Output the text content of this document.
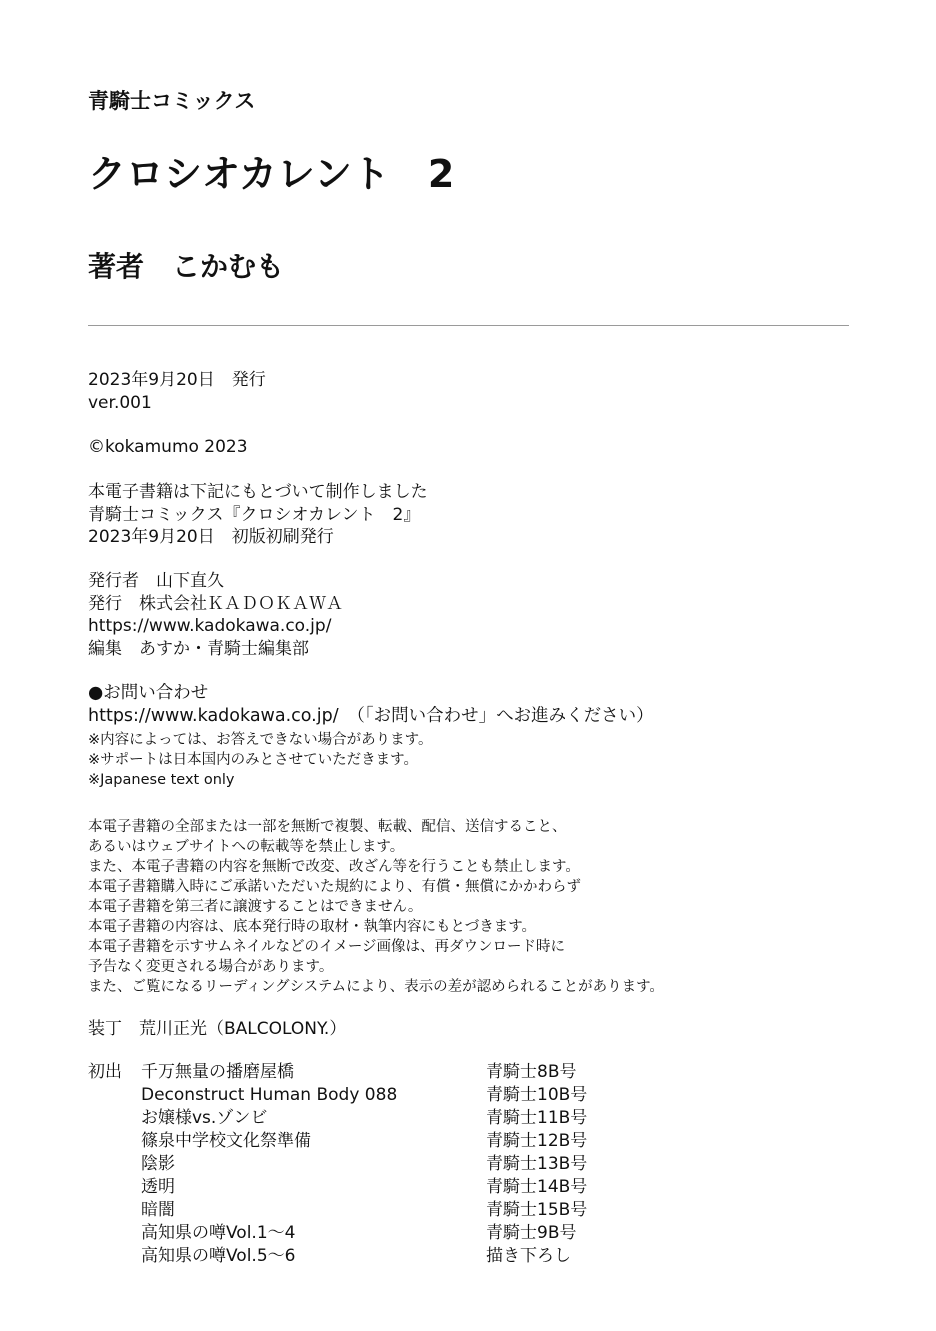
青騎士コミックス
クロシオカレント　2
著者 こかむも
2023年9月20日　発行
ver.001
©kokamumo 2023
本電子書籍は下記にもとづいて制作しました
青騎士コミックス『クロシオカレント　2』
2023年9月20日　初版初刷発行
発行者　山下直久
発行　株式会社ＫＡＤＯＫＡＷＡ
https://www.kadokawa.co.jp/
編集　あすか・青騎士編集部
●お問い合わせ
https://www.kadokawa.co.jp/　（「お問い合わせ」へお進みください）
※内容によっては、お答えできない場合があります。
※サポートは日本国内のみとさせていただきます。
※Japanese text only
本電子書籍の全部または一部を無断で複製、転載、配信、送信すること、
あるいはウェブサイトへの転載等を禁止します。
また、本電子書籍の内容を無断で改変、改ざん等を行うことも禁止します。
本電子書籍購入時にご承諾いただいた規約により、有償・無償にかかわらず
本電子書籍を第三者に譲渡することはできません。
本電子書籍の内容は、底本発行時の取材・執筆内容にもとづきます。
本電子書籍を示すサムネイルなどのイメージ画像は、再ダウンロード時に
予告なく変更される場合があります。
また、ご覧になるリーディングシステムにより、表示の差が認められることがあります。
装丁　荒川正光（BALCOLONY.）
初出 千万無量の播磨屋橋	青騎士8B号
Deconstruct Human Body 088	青騎士10B号
お嬢様vs.ゾンビ	青騎士11B号
篠泉中学校文化祭準備	青騎士12B号
陰影	青騎士13B号
透明	青騎士14B号
暗闇	青騎士15B号
高知県の噂Vol.1～4	青騎士9B号
高知県の噂Vol.5～6	描き下ろし
